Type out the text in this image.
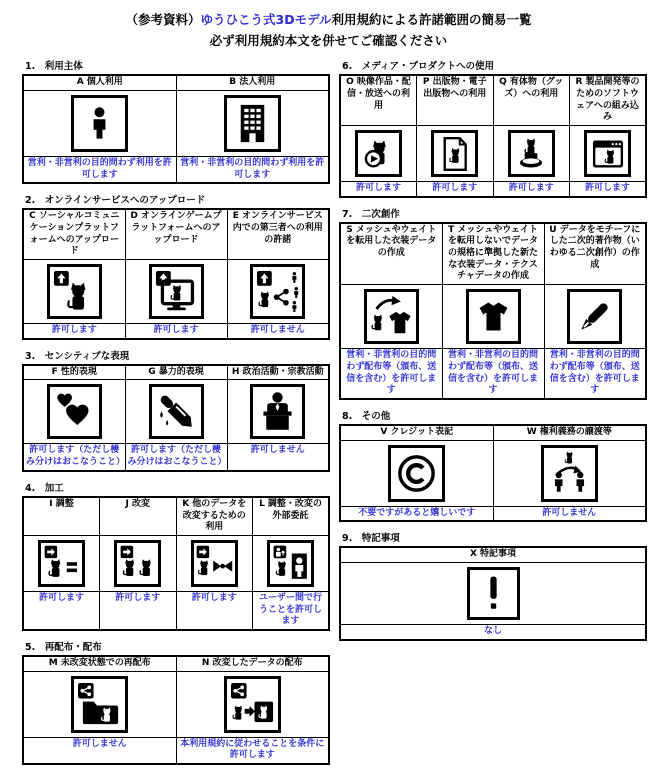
（参考資料）ゆうひこう式3Dモデル利用規約による許諾範囲の簡易一覧
必ず利用規約本文を併せてご確認ください
1.　利用主体
A 個人利用	B 法人利用

営利・非営利の目的問わず利用を許可します	営利・非営利の目的問わず利用を許可します
2.　オンラインサービスへのアップロード
C ソーシャルコミュニケーションプラットフォームへのアップロード	D オンラインゲームプラットフォームへのアップロード	E オンラインサービス内での第三者への利用の許諾

許可します	許可します	許可しません
3.　センシティブな表現
F 性的表現	G 暴力的表現	H 政治活動・宗教活動

許可します（ただし棲み分けはおこなうこと）	許可します（ただし棲み分けはおこなうこと）	許可しません
4.　加工
I 調整	J 改変	K 他のデータを改変するための利用	L 調整・改変の外部委託

許可します	許可します	許可します	ユーザー間で行うことを許可します
5.　再配布・配布
M 未改変状態での再配布	N 改変したデータの配布

許可しません	本利用規約に従わせることを条件に許可します
6.　メディア・プロダクトへの使用
O 映像作品・配信・放送への利用	P 出版物・電子出版物への利用	Q 有体物（グッズ）への利用	R 製品開発等のためのソフトウェアへの組み込み

許可します	許可します	許可します	許可します
7.　二次創作
S メッシュやウェイトを転用した衣装データの作成	T メッシュやウェイトを転用しないでデータの規格に準拠した新たな衣装データ・テクスチャデータの作成	U データをモチーフにした二次的著作物（いわゆる二次創作）の作成

営利・非営利の目的問わず配布等（頒布、送信を含む）を許可します	営利・非営利の目的問わず配布等（頒布、送信を含む）を許可します	営利・非営利の目的問わず配布等（頒布、送信を含む）を許可します
8.　その他
V クレジット表記	W 権利義務の譲渡等

不要ですがあると嬉しいです	許可しません
9.　特記事項
X 特記事項

なし
